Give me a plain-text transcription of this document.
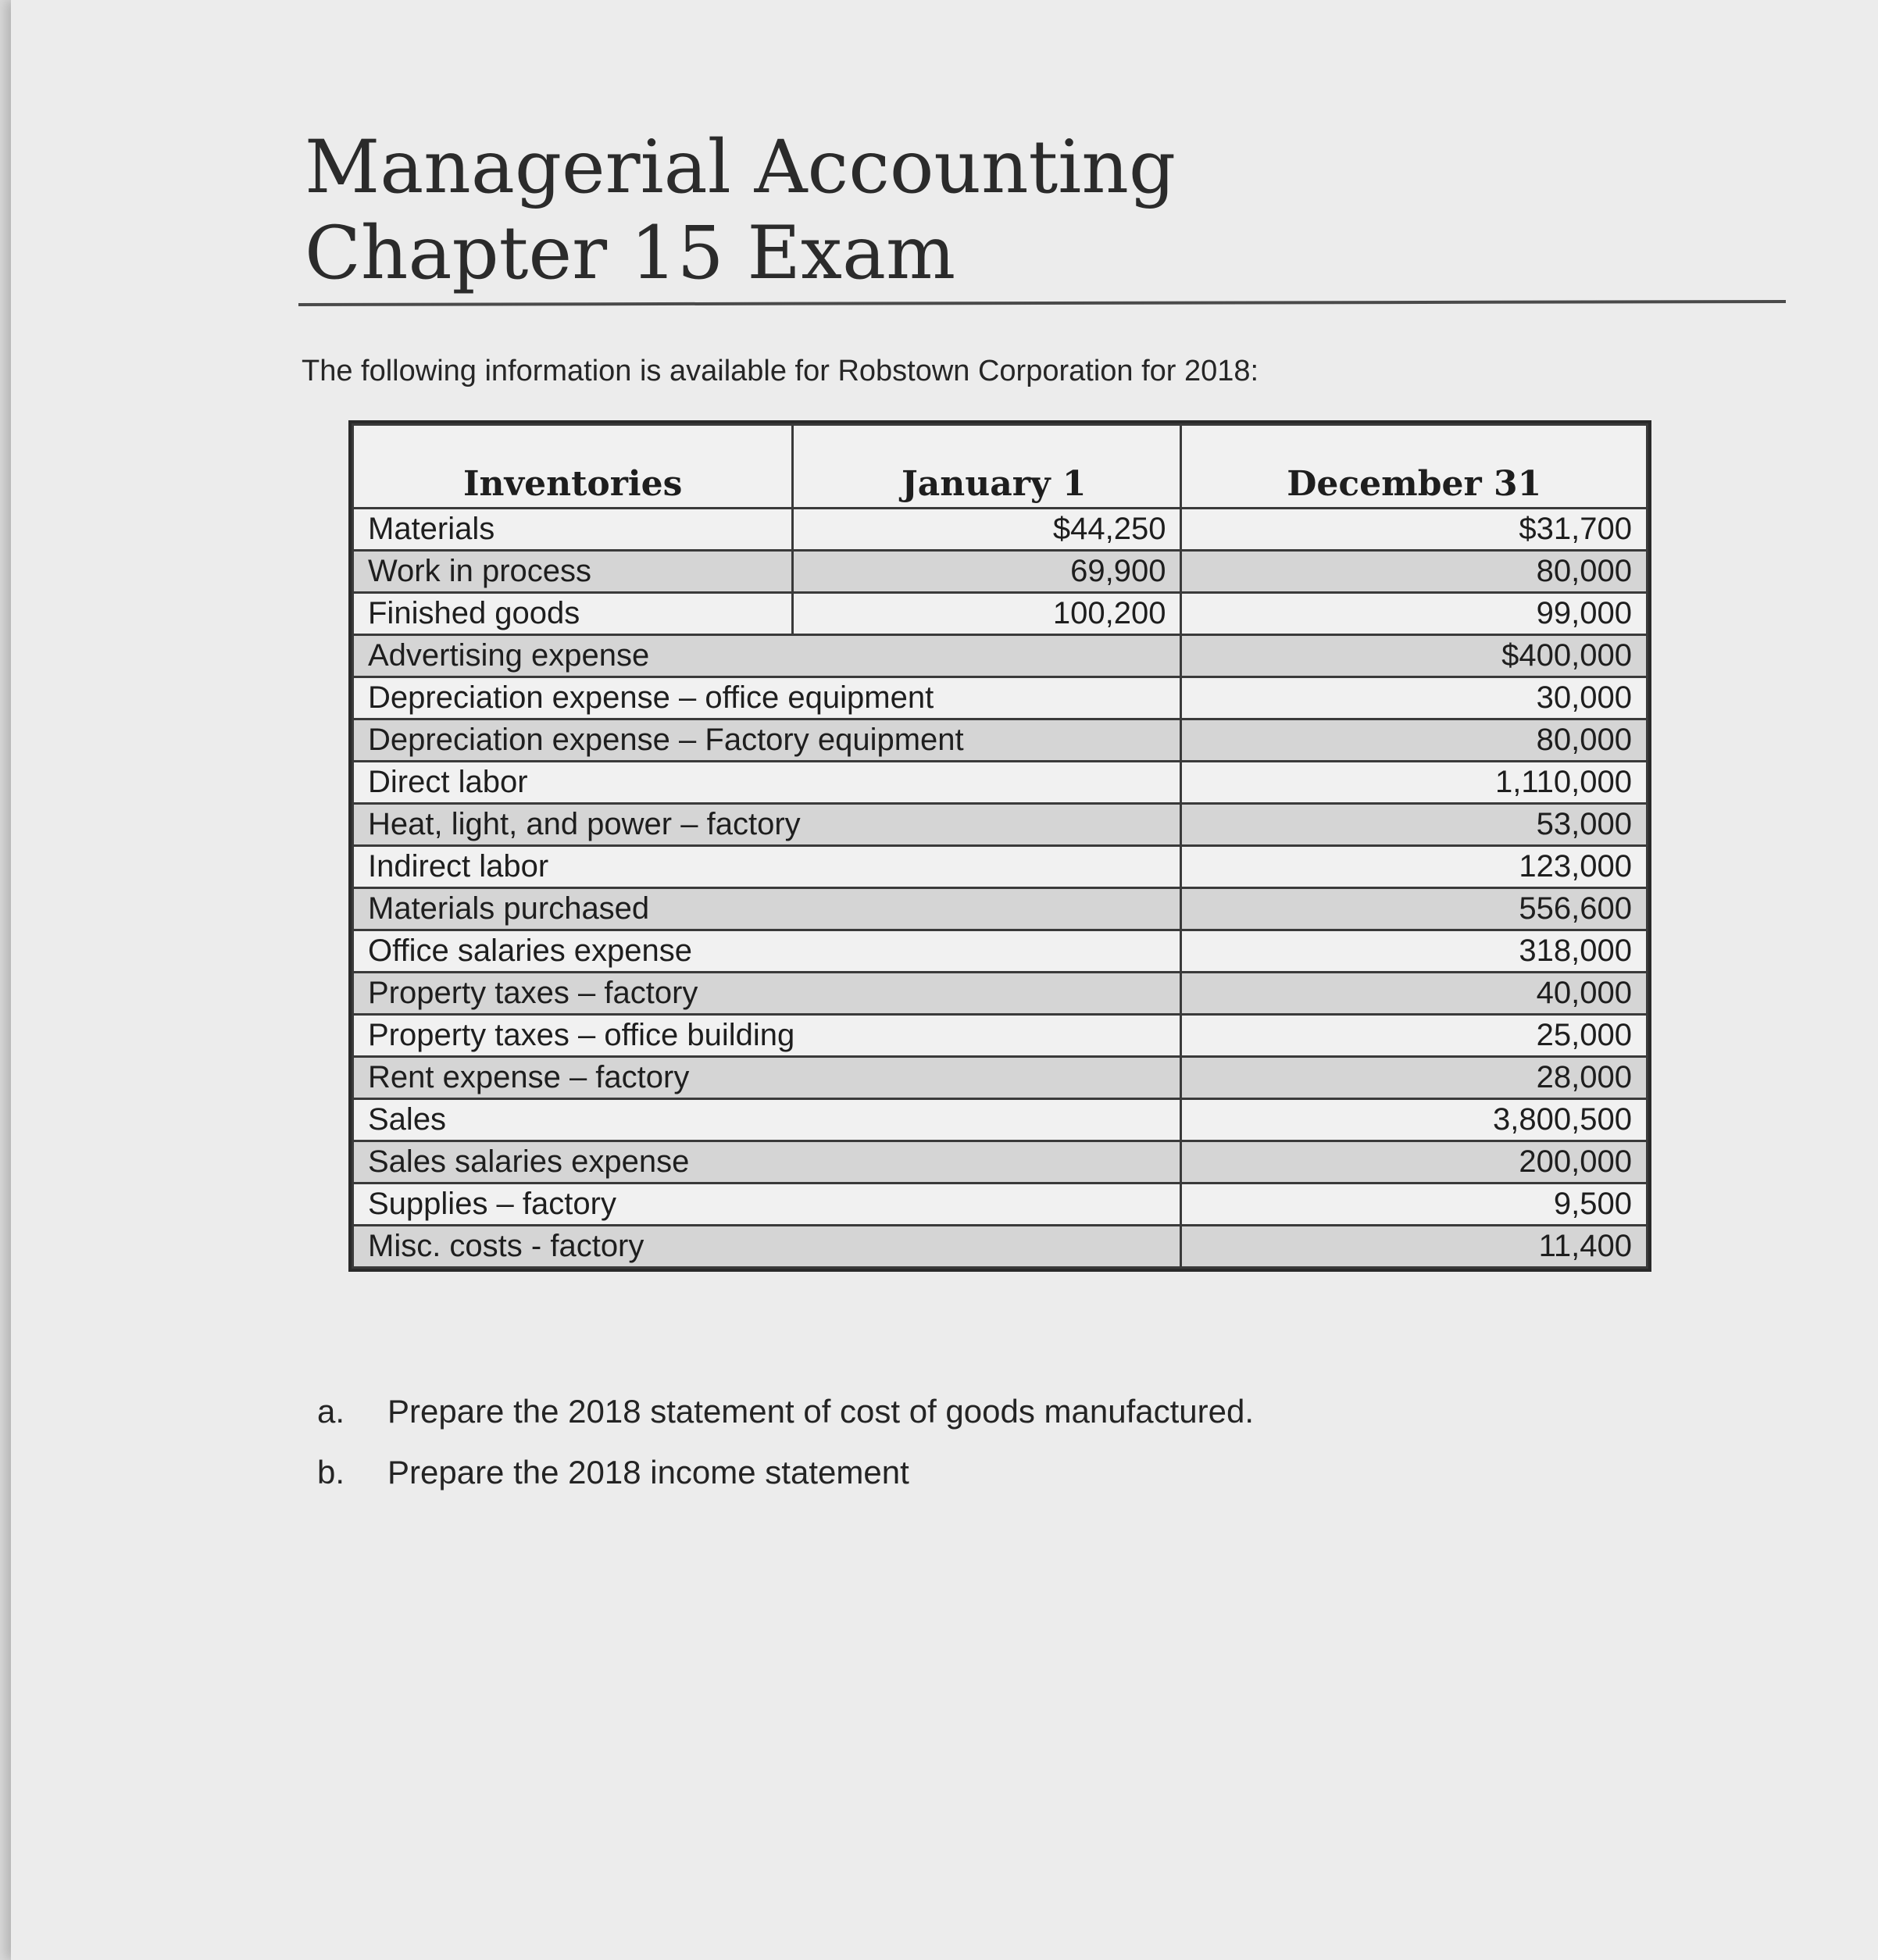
Managerial Accounting
Chapter 15 Exam
The following information is available for Robstown Corporation for 2018:
Inventories	January 1	December 31
Materials	$44,250	$31,700
Work in process	69,900	80,000
Finished goods	100,200	99,000
Advertising expense		$400,000
Depreciation expense – office equipment		30,000
Depreciation expense – Factory equipment		80,000
Direct labor		1,110,000
Heat, light, and power – factory		53,000
Indirect labor		123,000
Materials purchased		556,600
Office salaries expense		318,000
Property taxes – factory		40,000
Property taxes – office building		25,000
Rent expense – factory		28,000
Sales		3,800,500
Sales salaries expense		200,000
Supplies – factory		9,500
Misc. costs - factory		11,400
a.	Prepare the 2018 statement of cost of goods manufactured.
b.	Prepare the 2018 income statement
